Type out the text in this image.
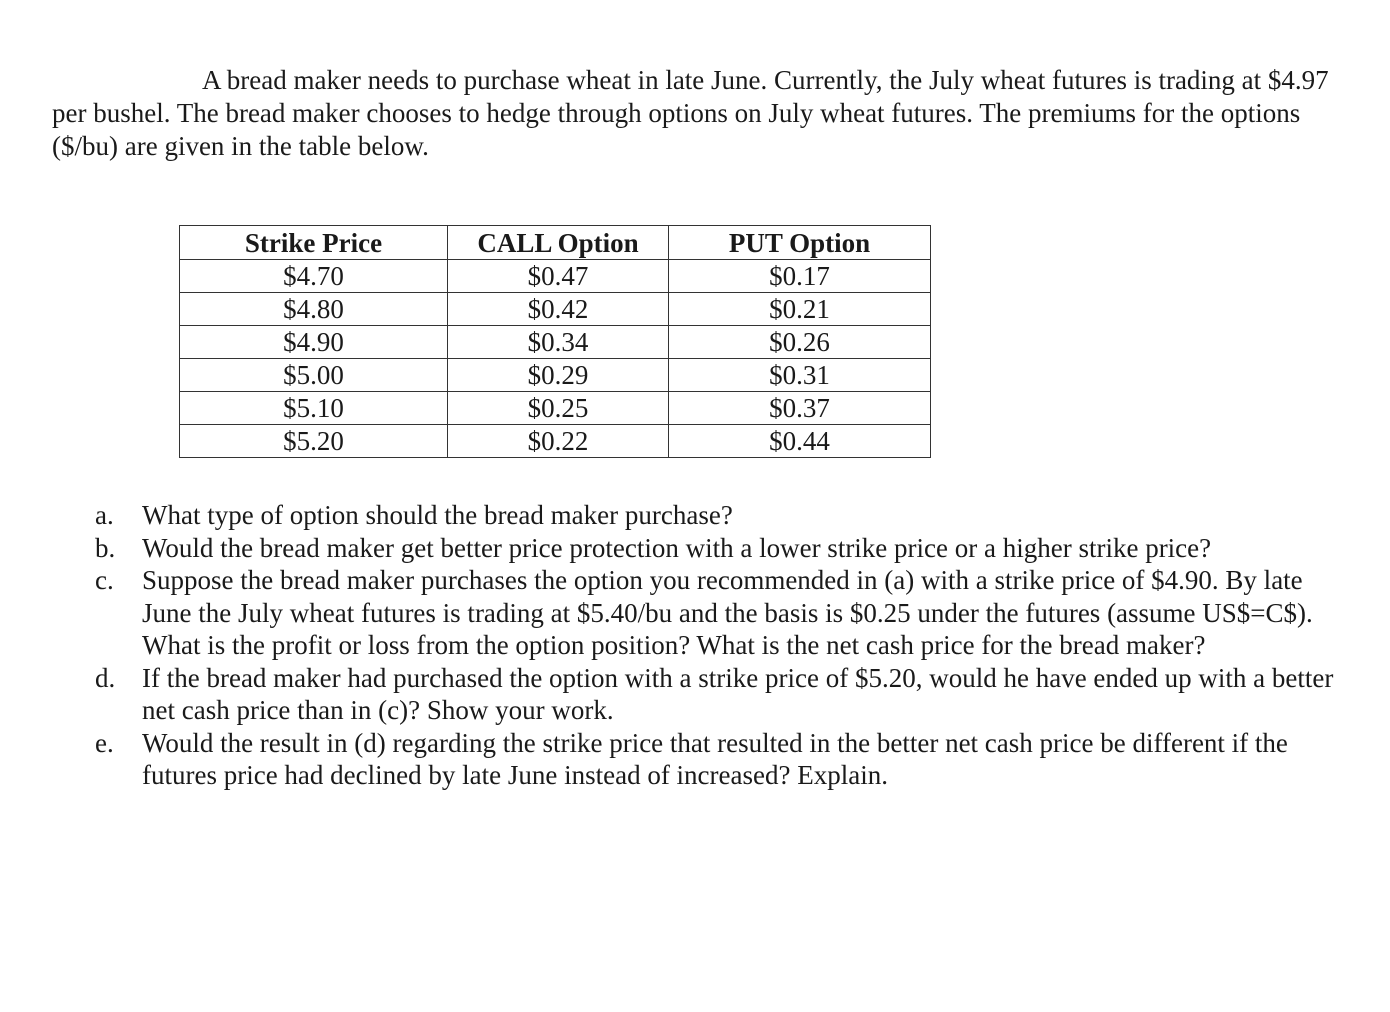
A bread maker needs to purchase wheat in late June. Currently, the July wheat futures is trading at $4.97 per bushel. The bread maker chooses to hedge through options on July wheat futures. The premiums for the options ($/bu) are given in the table below.

Strike Price	CALL Option	PUT Option
$4.70	$0.47	$0.17
$4.80	$0.42	$0.21
$4.90	$0.34	$0.26
$5.00	$0.29	$0.31
$5.10	$0.25	$0.37
$5.20	$0.22	$0.44
a.	What type of option should the bread maker purchase?
b. Would the bread maker get better price protection with a lower strike price or a higher strike price?
c.	Suppose the bread maker purchases the option you recommended in (a) with a strike price of $4.90. By late June the July wheat futures is trading at $5.40/bu and the basis is $0.25 under the futures (assume US$=C$). What is the profit or loss from the option position? What is the net cash price for the bread maker?
d. If the bread maker had purchased the option with a strike price of $5.20, would he have ended up with a better net cash price than in (c)? Show your work.
e.	Would the result in (d) regarding the strike price that resulted in the better net cash price be different if the futures price had declined by late June instead of increased? Explain.
